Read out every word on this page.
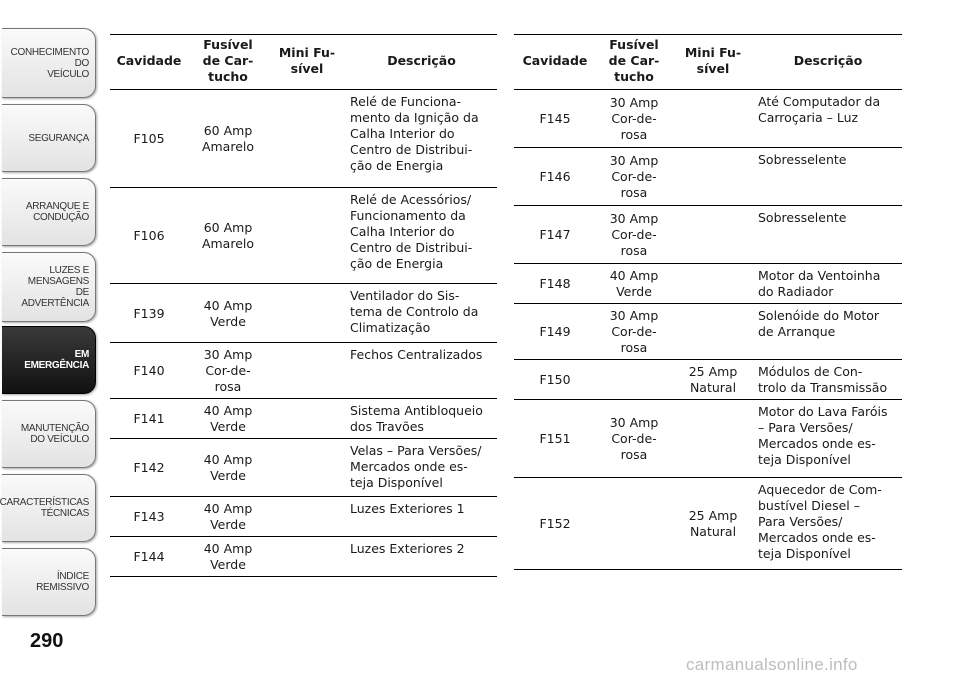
CONHECIMENTO
DO
VEÍCULO
SEGURANÇA
ARRANQUE E
CONDUÇÃO
LUZES E
MENSAGENS
DE
ADVERTÊNCIA
EM
EMERGÊNCIA
MANUTENÇÃO
DO VEÍCULO
CARACTERÍSTICAS
TÉCNICAS
ÍNDICE
REMISSIVO
290
carmanualsonline.info
Cavidade	Fusível
de Car-
tucho	Mini Fu-
sível	Descrição
F105	60 Amp
Amarelo		Relé de Funciona-
mento da Ignição da
Calha Interior do
Centro de Distribui-
ção de Energia
F106	60 Amp
Amarelo		Relé de Acessórios/
Funcionamento da
Calha Interior do
Centro de Distribui-
ção de Energia
F139	40 Amp
Verde		Ventilador do Sis-
tema de Controlo da
Climatização
F140	30 Amp
Cor-de-
rosa		Fechos Centralizados
F141	40 Amp
Verde		Sistema Antibloqueio
dos Travões
F142	40 Amp
Verde		Velas – Para Versões/
Mercados onde es-
teja Disponível
F143	40 Amp
Verde		Luzes Exteriores 1
F144	40 Amp
Verde		Luzes Exteriores 2
Cavidade	Fusível
de Car-
tucho	Mini Fu-
sível	Descrição
F145	30 Amp
Cor-de-
rosa		Até Computador da
Carroçaria – Luz
F146	30 Amp
Cor-de-
rosa		Sobresselente
F147	30 Amp
Cor-de-
rosa		Sobresselente
F148	40 Amp
Verde		Motor da Ventoinha
do Radiador
F149	30 Amp
Cor-de-
rosa		Solenóide do Motor
de Arranque
F150		25 Amp
Natural	Módulos de Con-
trolo da Transmissão
F151	30 Amp
Cor-de-
rosa		Motor do Lava Faróis
– Para Versões/
Mercados onde es-
teja Disponível
F152		25 Amp
Natural	Aquecedor de Com-
bustível Diesel –
Para Versões/
Mercados onde es-
teja Disponível
